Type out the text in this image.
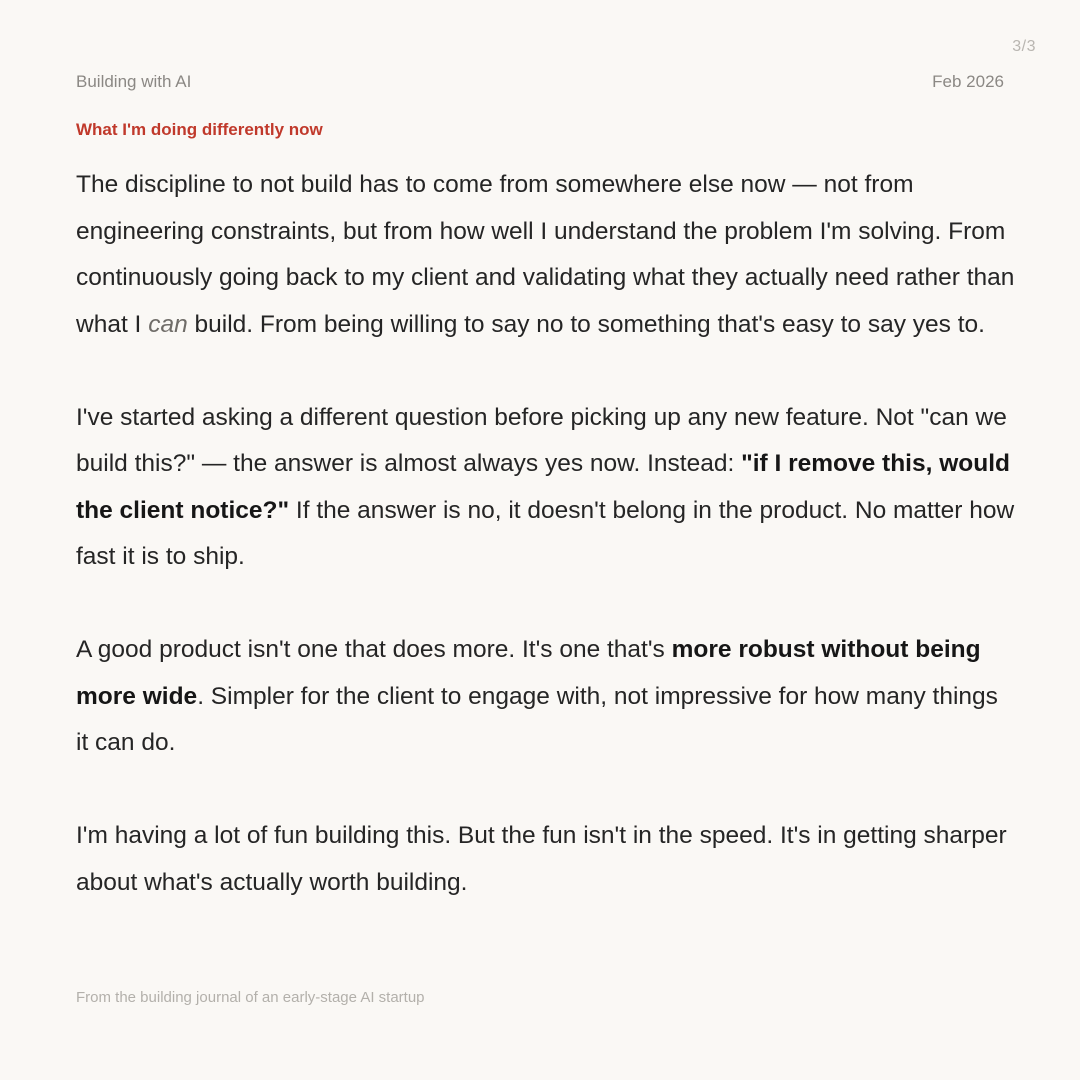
3/3
Building with AI	Feb 2026
What I'm doing differently now

The discipline to not build has to come from somewhere else now — not from engineering constraints, but from how well I understand the problem I'm solving. From continuously going back to my client and validating what they actually need rather than what I can build. From being willing to say no to something that's easy to say yes to.

I've started asking a different question before picking up any new feature. Not "can we build this?" — the answer is almost always yes now. Instead: "if I remove this, would the client notice?" If the answer is no, it doesn't belong in the product. No matter how fast it is to ship.

A good product isn't one that does more. It's one that's more robust without being more wide. Simpler for the client to engage with, not impressive for how many things it can do.

I'm having a lot of fun building this. But the fun isn't in the speed. It's in getting sharper about what's actually worth building.

From the building journal of an early-stage AI startup
